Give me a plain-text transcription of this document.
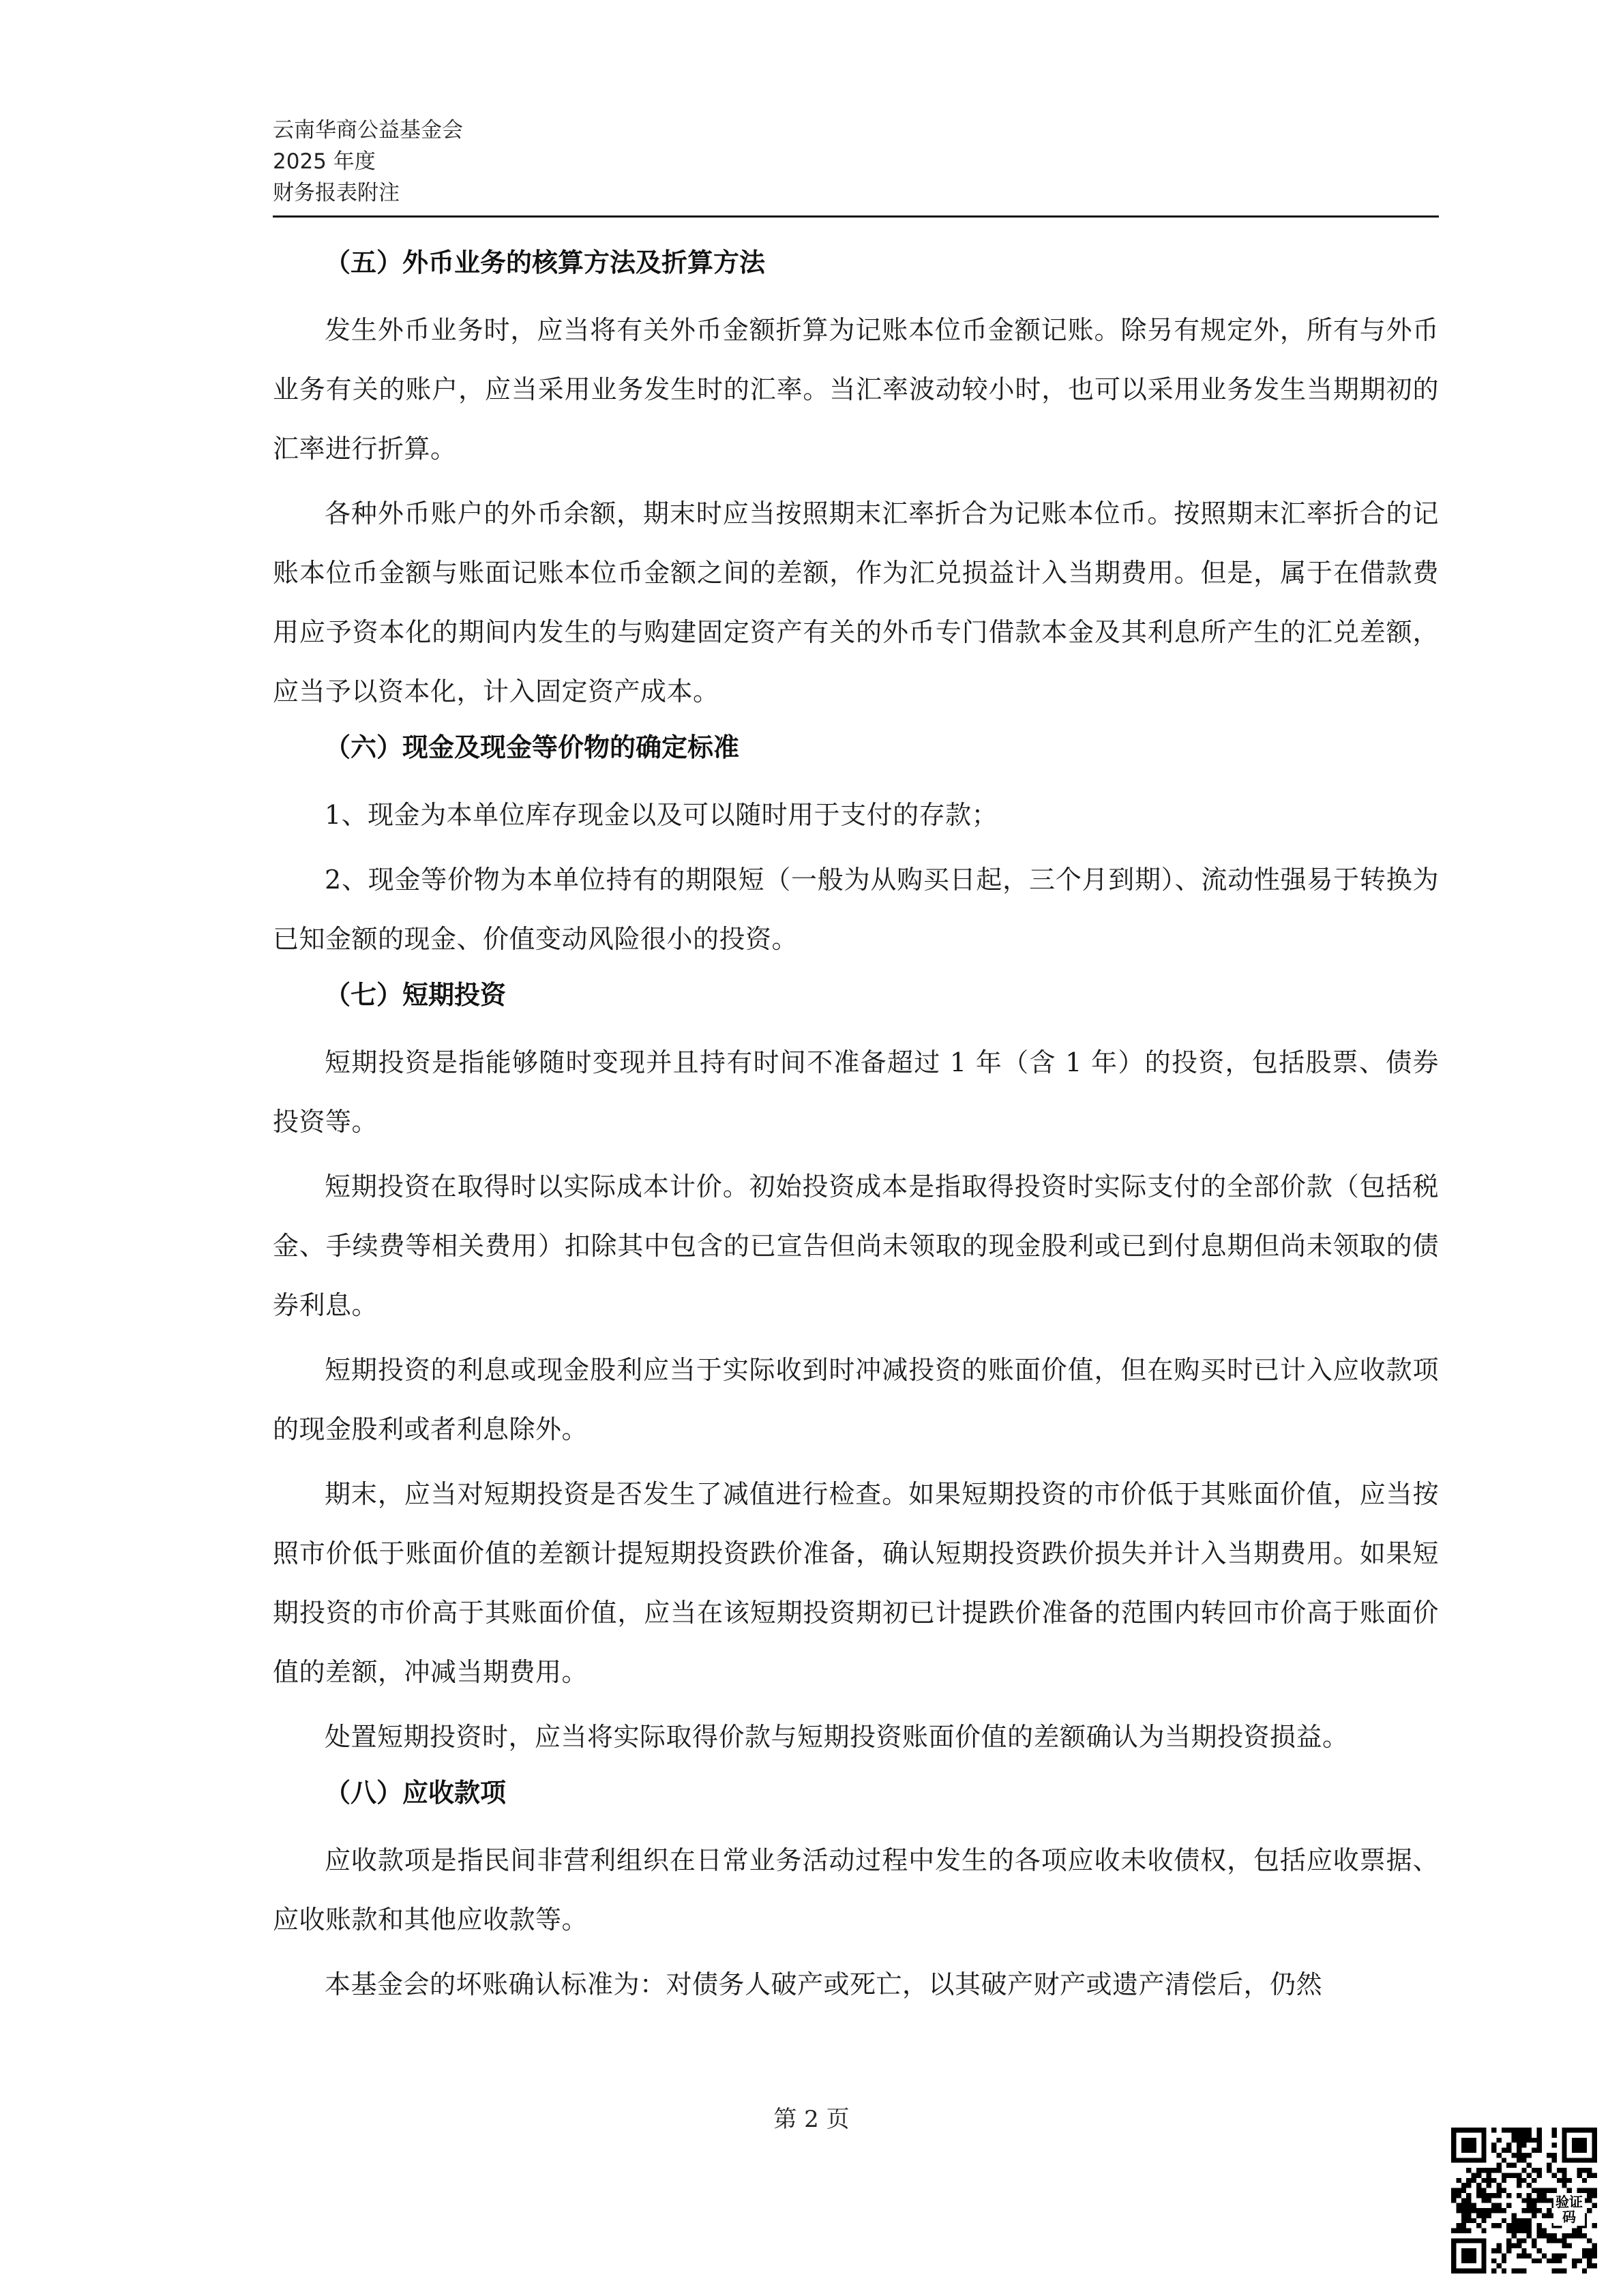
云南华商公益基金会
2025 年度
财务报表附注
（五）外币业务的核算方法及折算方法

发生外币业务时，应当将有关外币金额折算为记账本位币金额记账。除另有规定外，所有与外币业务有关的账户，应当采用业务发生时的汇率。当汇率波动较小时，也可以采用业务发生当期期初的汇率进行折算。

各种外币账户的外币余额，期末时应当按照期末汇率折合为记账本位币。按照期末汇率折合的记账本位币金额与账面记账本位币金额之间的差额，作为汇兑损益计入当期费用。但是，属于在借款费用应予资本化的期间内发生的与购建固定资产有关的外币专门借款本金及其利息所产生的汇兑差额，应当予以资本化，计入固定资产成本。

（六）现金及现金等价物的确定标准

1、现金为本单位库存现金以及可以随时用于支付的存款；

2、现金等价物为本单位持有的期限短（一般为从购买日起，三个月到期）、流动性强易于转换为已知金额的现金、价值变动风险很小的投资。

（七）短期投资

短期投资是指能够随时变现并且持有时间不准备超过 1 年（含 1 年）的投资，包括股票、债券投资等。

短期投资在取得时以实际成本计价。初始投资成本是指取得投资时实际支付的全部价款（包括税金、手续费等相关费用）扣除其中包含的已宣告但尚未领取的现金股利或已到付息期但尚未领取的债券利息。

短期投资的利息或现金股利应当于实际收到时冲减投资的账面价值，但在购买时已计入应收款项的现金股利或者利息除外。

期末，应当对短期投资是否发生了减值进行检查。如果短期投资的市价低于其账面价值，应当按照市价低于账面价值的差额计提短期投资跌价准备，确认短期投资跌价损失并计入当期费用。如果短期投资的市价高于其账面价值，应当在该短期投资期初已计提跌价准备的范围内转回市价高于账面价值的差额，冲减当期费用。

处置短期投资时，应当将实际取得价款与短期投资账面价值的差额确认为当期投资损益。

（八）应收款项

应收款项是指民间非营利组织在日常业务活动过程中发生的各项应收未收债权，包括应收票据、应收账款和其他应收款等。

本基金会的坏账确认标准为：对债务人破产或死亡，以其破产财产或遗产清偿后，仍然

第 2 页
验证码
